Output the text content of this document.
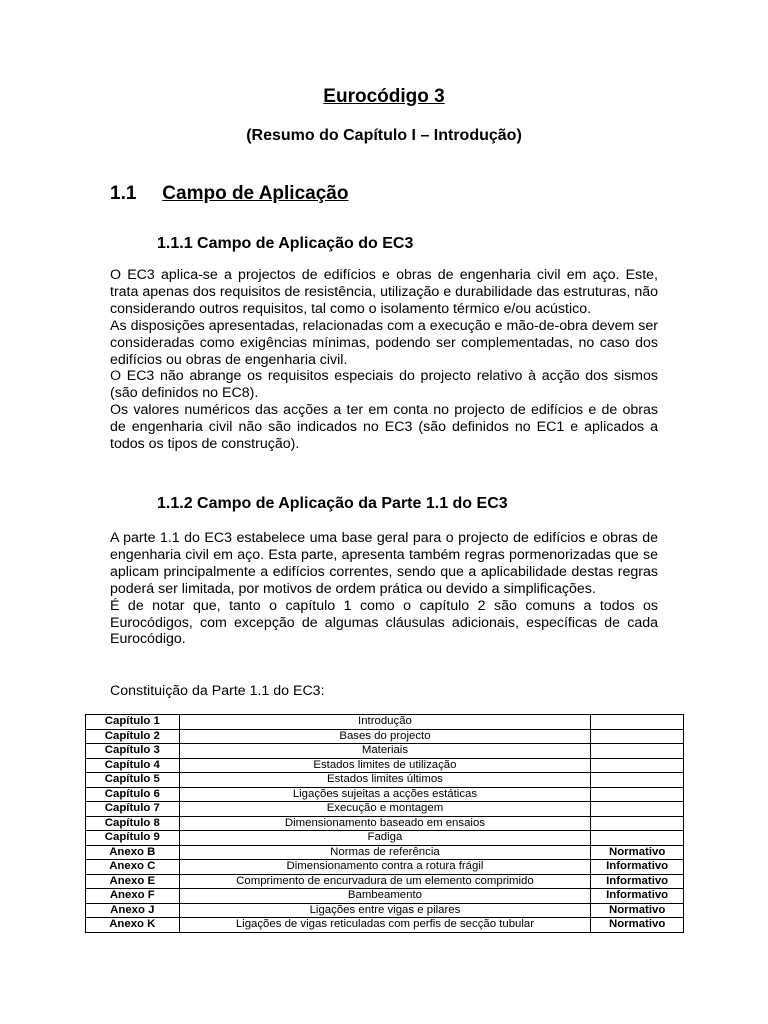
Eurocódigo 3
(Resumo do Capítulo I – Introdução)
1.1 Campo de Aplicação
1.1.1 Campo de Aplicação do EC3

O EC3 aplica-se a projectos de edifícios e obras de engenharia civil em aço. Este, trata apenas dos requisitos de resistência, utilização e durabilidade das estruturas, não considerando outros requisitos, tal como o isolamento térmico e/ou acústico.

As disposições apresentadas, relacionadas com a execução e mão-de-obra devem ser consideradas como exigências mínimas, podendo ser complementadas, no caso dos edifícios ou obras de engenharia civil.

O EC3 não abrange os requisitos especiais do projecto relativo à acção dos sismos (são definidos no EC8).

Os valores numéricos das acções a ter em conta no projecto de edifícios e de obras de engenharia civil não são indicados no EC3 (são definidos no EC1 e aplicados a todos os tipos de construção).

1.1.2 Campo de Aplicação da Parte 1.1 do EC3

A parte 1.1 do EC3 estabelece uma base geral para o projecto de edifícios e obras de engenharia civil em aço. Esta parte, apresenta também regras pormenorizadas que se aplicam principalmente a edifícios correntes, sendo que a aplicabilidade destas regras poderá ser limitada, por motivos de ordem prática ou devido a simplificações.

É de notar que, tanto o capítulo 1 como o capítulo 2 são comuns a todos os Eurocódigos, com excepção de algumas cláusulas adicionais, específicas de cada Eurocódigo.

Constituição da Parte 1.1 do EC3:

Capítulo 1	Introdução	
Capítulo 2	Bases do projecto	
Capítulo 3	Materiais	
Capítulo 4	Estados limites de utilização	
Capítulo 5	Estados limites últimos	
Capítulo 6	Ligações sujeitas a acções estáticas	
Capítulo 7	Execução e montagem	
Capítulo 8	Dimensionamento baseado em ensaios	
Capítulo 9	Fadiga	
Anexo B	Normas de referência	Normativo
Anexo C	Dimensionamento contra a rotura frágil	Informativo
Anexo E	Comprimento de encurvadura de um elemento comprimido	Informativo
Anexo F	Bambeamento	Informativo
Anexo J	Ligações entre vigas e pilares	Normativo
Anexo K	Ligações de vigas reticuladas com perfis de secção tubular	Normativo
